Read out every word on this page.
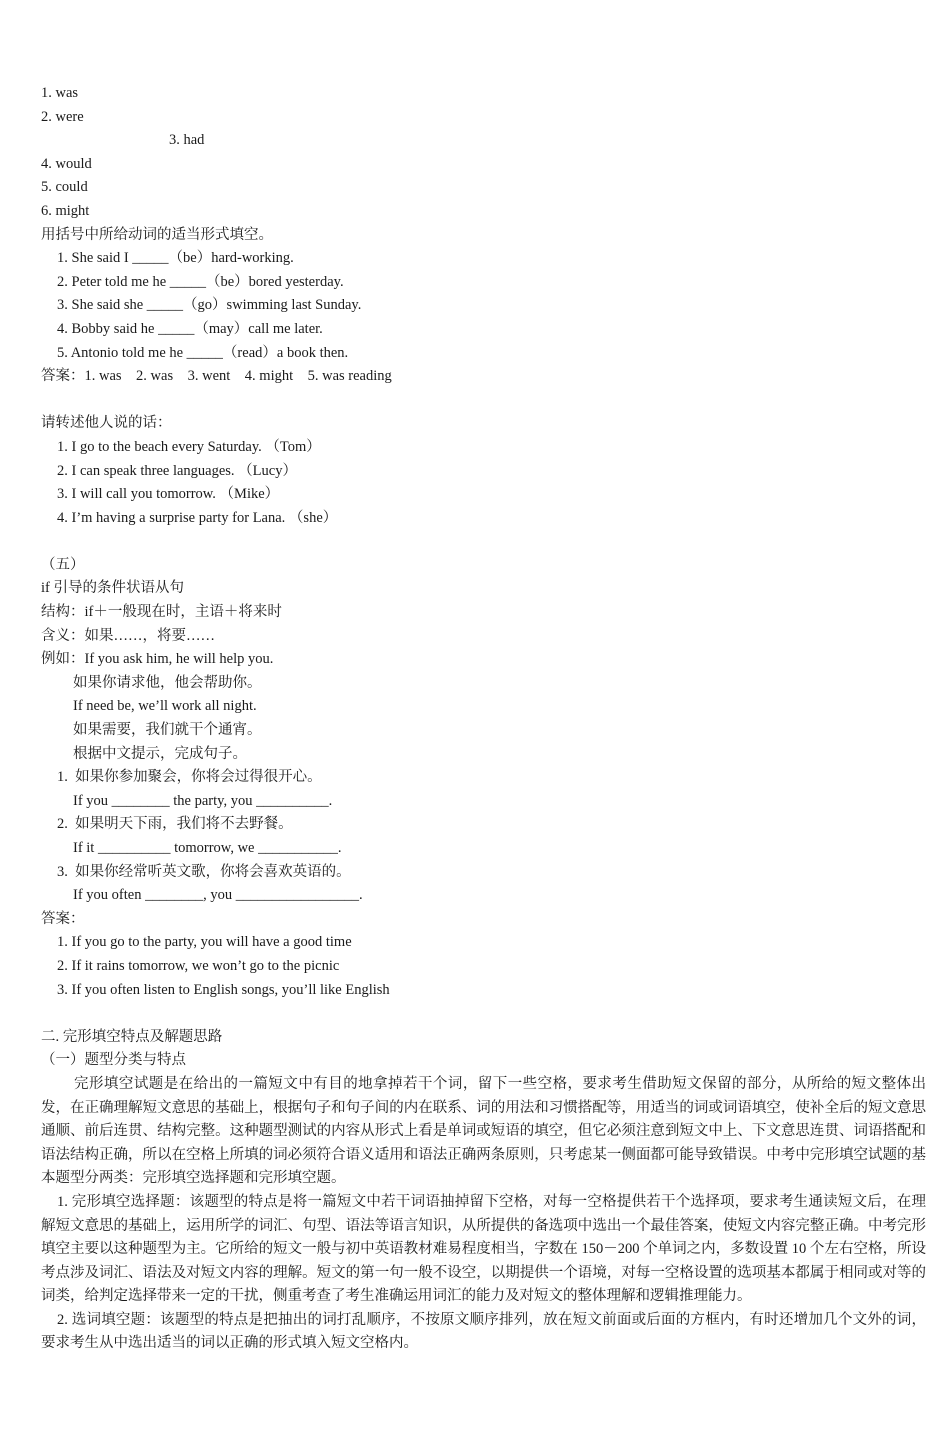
1. was
2. were
3. had
4. would
5. could
6. might
用括号中所给动词的适当形式填空。
1. She said I _____（be）hard-working.
2. Peter told me he _____（be）bored yesterday.
3. She said she _____（go）swimming last Sunday.
4. Bobby said he _____（may）call me later.
5. Antonio told me he _____（read）a book then.
答案：1. was    2. was    3. went    4. might    5. was reading
请转述他人说的话：
1. I go to the beach every Saturday. （Tom）
2. I can speak three languages. （Lucy）
3. I will call you tomorrow. （Mike）
4. I’m having a surprise party for Lana. （she）
（五）
if 引导的条件状语从句
结构：if＋一般现在时，主语＋将来时
含义：如果……，将要……
例如：If you ask him, he will help you.
如果你请求他，他会帮助你。
If need be, we’ll work all night.
如果需要，我们就干个通宵。
根据中文提示，完成句子。
1.  如果你参加聚会，你将会过得很开心。
If you ________ the party, you __________.
2.  如果明天下雨，我们将不去野餐。
If it __________ tomorrow, we ___________.
3.  如果你经常听英文歌，你将会喜欢英语的。
If you often ________, you _________________.
答案：
1. If you go to the party, you will have a good time
2. If it rains tomorrow, we won’t go to the picnic
3. If you often listen to English songs, you’ll like English
二. 完形填空特点及解题思路
（一）题型分类与特点

完形填空试题是在给出的一篇短文中有目的地拿掉若干个词，留下一些空格，要求考生借助短文保留的部分，从所给的短文整体出发，在正确理解短文意思的基础上，根据句子和句子间的内在联系、词的用法和习惯搭配等，用适当的词或词语填空，使补全后的短文意思通顺、前后连贯、结构完整。这种题型测试的内容从形式上看是单词或短语的填空，但它必须注意到短文中上、下文意思连贯、词语搭配和语法结构正确，所以在空格上所填的词必须符合语义适用和语法正确两条原则，只考虑某一侧面都可能导致错误。中考中完形填空试题的基本题型分两类：完形填空选择题和完形填空题。

1. 完形填空选择题：该题型的特点是将一篇短文中若干词语抽掉留下空格，对每一空格提供若干个选择项，要求考生通读短文后，在理解短文意思的基础上，运用所学的词汇、句型、语法等语言知识，从所提供的备选项中选出一个最佳答案，使短文内容完整正确。中考完形填空主要以这种题型为主。它所给的短文一般与初中英语教材难易程度相当，字数在 150－200 个单词之内，多数设置 10 个左右空格，所设考点涉及词汇、语法及对短文内容的理解。短文的第一句一般不设空，以期提供一个语境，对每一空格设置的选项基本都属于相同或对等的词类，给判定选择带来一定的干扰，侧重考查了考生准确运用词汇的能力及对短文的整体理解和逻辑推理能力。

2. 选词填空题：该题型的特点是把抽出的词打乱顺序，不按原文顺序排列，放在短文前面或后面的方框内，有时还增加几个文外的词，要求考生从中选出适当的词以正确的形式填入短文空格内。
